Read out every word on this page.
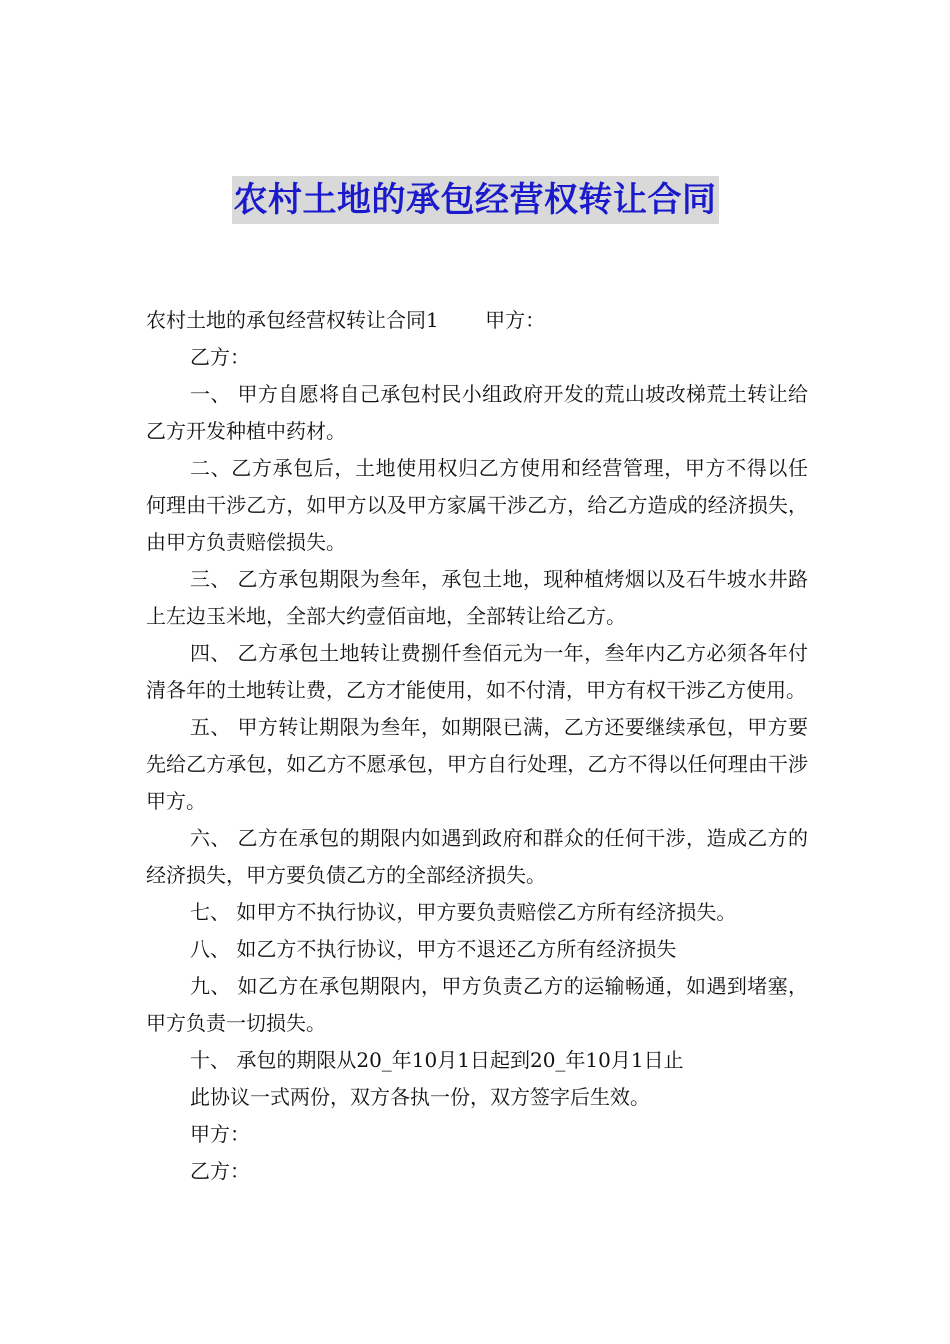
农村土地的承包经营权转让合同

农村土地的承包经营权转让合同1　　 甲方：

乙方：

一、 甲方自愿将自己承包村民小组政府开发的荒山坡改梯荒土转让给乙方开发种植中药材。

二、乙方承包后，土地使用权归乙方使用和经营管理，甲方不得以任何理由干涉乙方，如甲方以及甲方家属干涉乙方，给乙方造成的经济损失，由甲方负责赔偿损失。

三、 乙方承包期限为叁年，承包土地，现种植烤烟以及石牛坡水井路上左边玉米地，全部大约壹佰亩地，全部转让给乙方。

四、 乙方承包土地转让费捌仟叁佰元为一年，叁年内乙方必须各年付清各年的土地转让费，乙方才能使用，如不付清，甲方有权干涉乙方使用。

五、 甲方转让期限为叁年，如期限已满，乙方还要继续承包，甲方要先给乙方承包，如乙方不愿承包，甲方自行处理，乙方不得以任何理由干涉甲方。

六、 乙方在承包的期限内如遇到政府和群众的任何干涉，造成乙方的经济损失，甲方要负债乙方的全部经济损失。

七、 如甲方不执行协议，甲方要负责赔偿乙方所有经济损失。

八、 如乙方不执行协议，甲方不退还乙方所有经济损失

九、 如乙方在承包期限内，甲方负责乙方的运输畅通，如遇到堵塞，甲方负责一切损失。

十、 承包的期限从20_年10月1日起到20_年10月1日止

此协议一式两份，双方各执一份，双方签字后生效。

甲方：

乙方：
